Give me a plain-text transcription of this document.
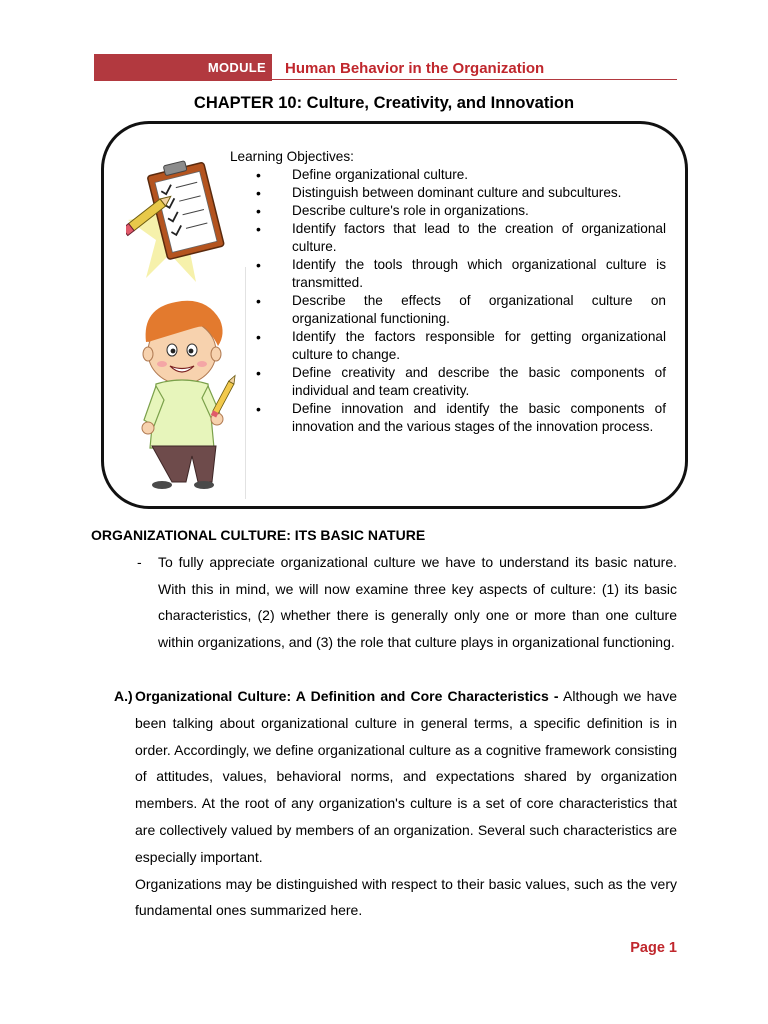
MODULE Human Behavior in the Organization
CHAPTER 10: Culture, Creativity, and Innovation

Learning Objectives:

• Define organizational culture.
• Distinguish between dominant culture and subcultures.
• Describe culture's role in organizations.
• Identify factors that lead to the creation of organizational culture.
• Identify the tools through which organizational culture is transmitted.
• Describe the effects of organizational culture on organizational functioning.
• Identify the factors responsible for getting organizational culture to change.
• Define creativity and describe the basic components of individual and team creativity.
• Define innovation and identify the basic components of innovation and the various stages of the innovation process.
ORGANIZATIONAL CULTURE: ITS BASIC NATURE
- To fully appreciate organizational culture we have to understand its basic nature. With this in mind, we will now examine three key aspects of culture: (1) its basic characteristics, (2) whether there is generally only one or more than one culture within organizations, and (3) the role that culture plays in organizational functioning.

A.) Organizational Culture: A Definition and Core Characteristics - Although we have been talking about organizational culture in general terms, a specific definition is in order. Accordingly, we define organizational culture as a cognitive framework consisting of attitudes, values, behavioral norms, and expectations shared by organization members. At the root of any organization's culture is a set of core characteristics that are collectively valued by members of an organization. Several such characteristics are especially important.
Organizations may be distinguished with respect to their basic values, such as the very fundamental ones summarized here.
Page 1
